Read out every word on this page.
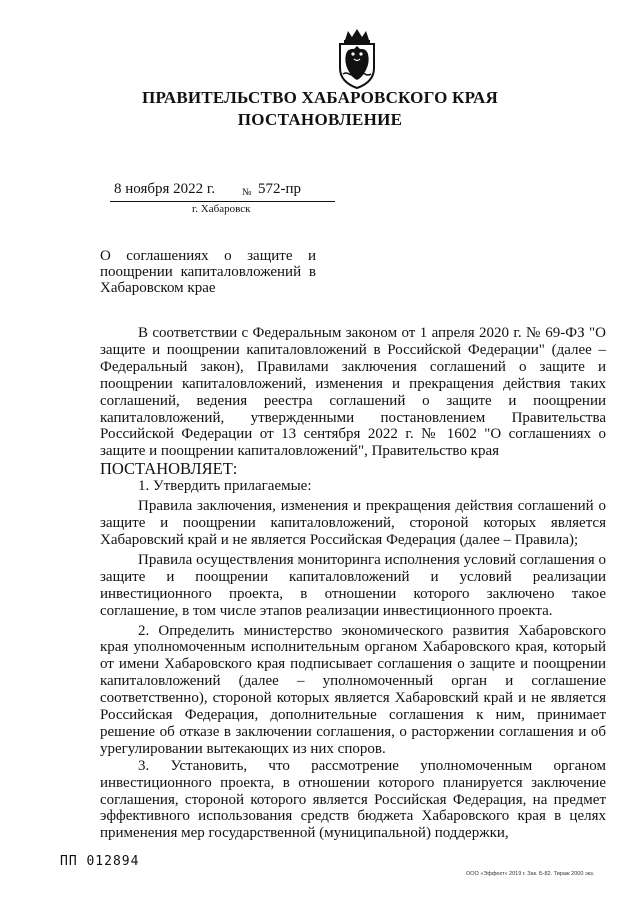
ПРАВИТЕЛЬСТВО ХАБАРОВСКОГО КРАЯ
ПОСТАНОВЛЕНИЕ
8 ноября 2022 г.	№ 572-пр
г. Хабаровск
О соглашениях о защите и
поощрении капиталовложений в
Хабаровском крае

В соответствии с Федеральным законом от 1 апреля 2020 г. № 69-ФЗ "О защите и поощрении капиталовложений в Российской Федерации" (далее – Федеральный закон), Правилами заключения соглашений о защите и поощрении капиталовложений, изменения и прекращения действия таких соглашений, ведения реестра соглашений о защите и поощрении капиталовложений, утвержденными постановлением Правительства Российской Федерации от 13 сентября 2022 г. № 1602 "О соглашениях о защите и поощрении капиталовложений", Правительство края

ПОСТАНОВЛЯЕТ:

1. Утвердить прилагаемые:

Правила заключения, изменения и прекращения действия соглашений о защите и поощрении капиталовложений, стороной которых является Хабаровский край и не является Российская Федерация (далее – Правила);

Правила осуществления мониторинга исполнения условий соглашения о защите и поощрении капиталовложений и условий реализации инвестиционного проекта, в отношении которого заключено такое соглашение, в том числе этапов реализации инвестиционного проекта.

2. Определить министерство экономического развития Хабаровского края уполномоченным исполнительным органом Хабаровского края, который от имени Хабаровского края подписывает соглашения о защите и поощрении капиталовложений (далее – уполномоченный орган и соглашение соответственно), стороной которых является Хабаровский край и не является Российская Федерация, дополнительные соглашения к ним, принимает решение об отказе в заключении соглашения, о расторжении соглашения и об урегулировании вытекающих из них споров.

3. Установить, что рассмотрение уполномоченным органом инвестиционного проекта, в отношении которого планируется заключение соглашения, стороной которого является Российская Федерация, на предмет эффективного использования средств бюджета Хабаровского края в целях применения мер государственной (муниципальной) поддержки,

ПП 012894
ООО «Эффект» 2019 г. Зак. Б-82. Тираж 2000 экз.
